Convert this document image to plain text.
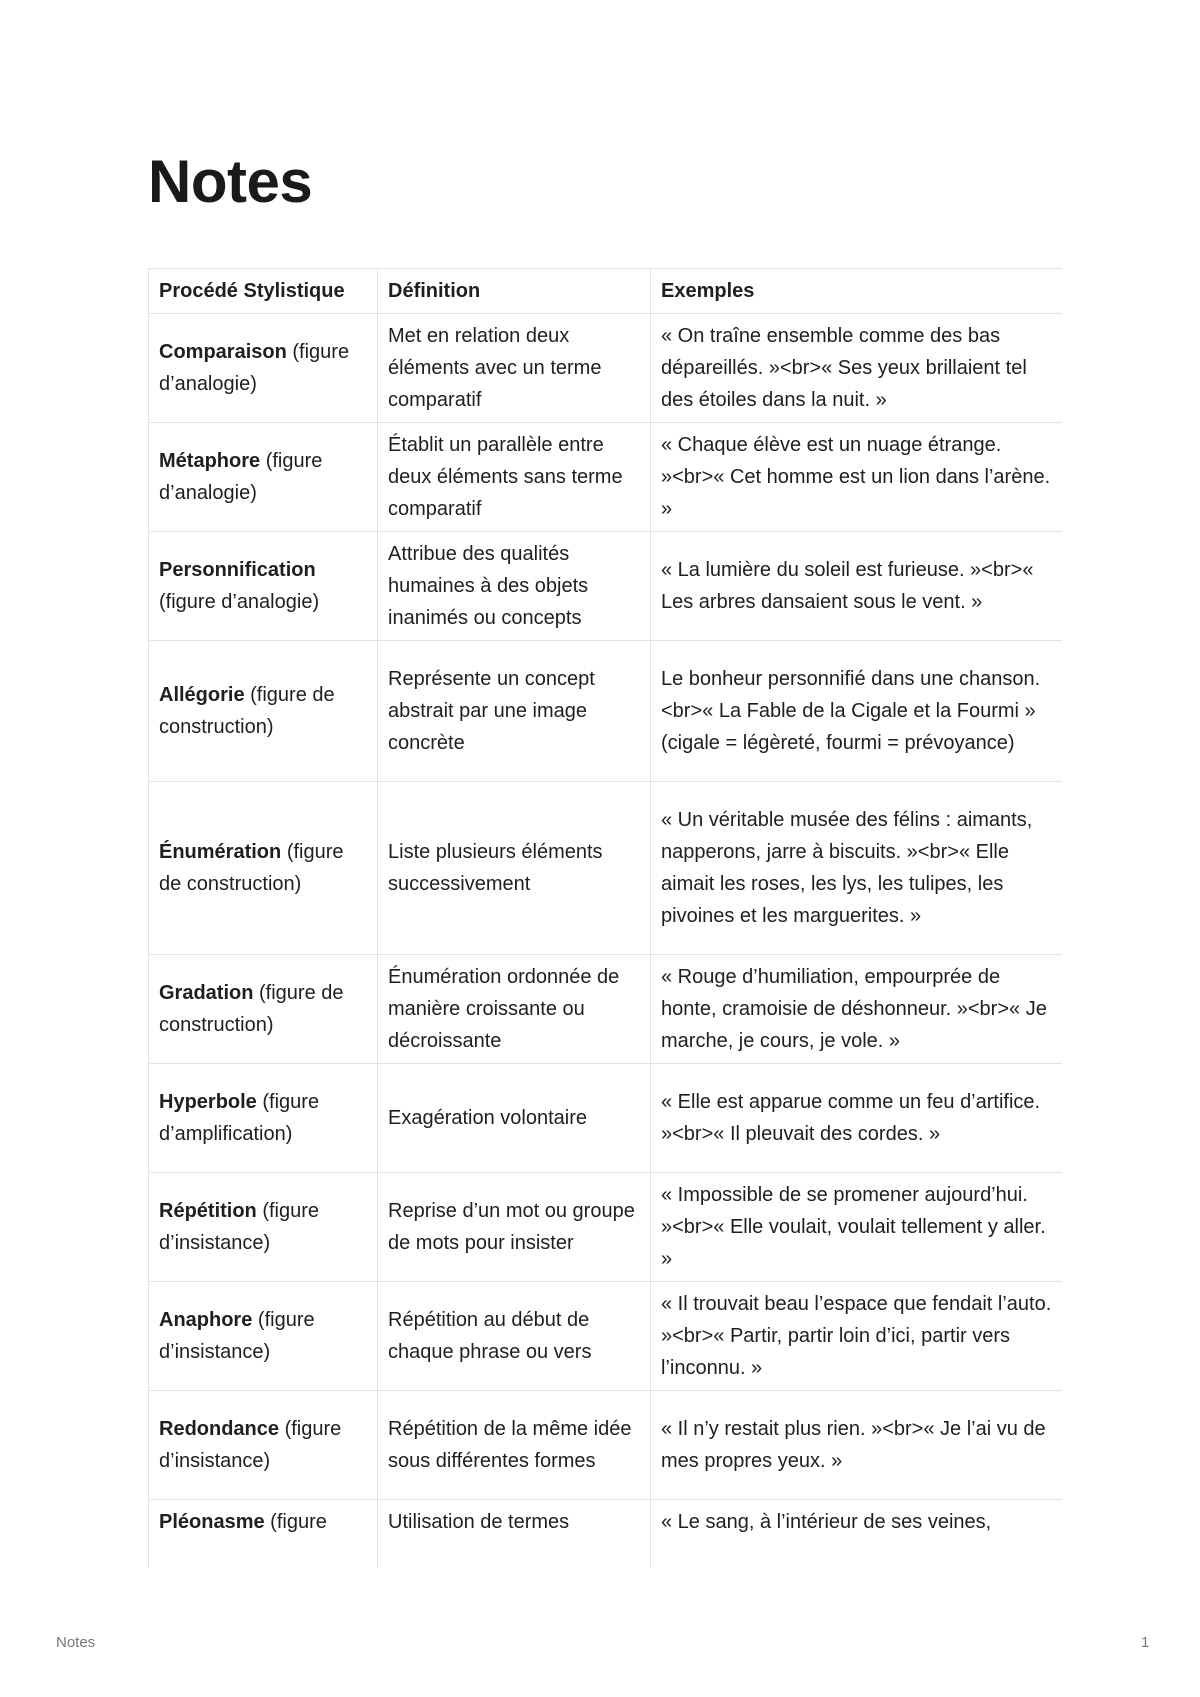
Notes
Procédé Stylistique	Définition	Exemples
Comparaison (figure d’analogie)	Met en relation deux éléments avec un terme comparatif	« On traîne ensemble comme des bas dépareillés. »<br>« Ses yeux brillaient tel des étoiles dans la nuit. »
Métaphore (figure d’analogie)	Établit un parallèle entre deux éléments sans terme comparatif	« Chaque élève est un nuage étrange. »<br>« Cet homme est un lion dans l’arène. »
Personnification (figure d’analogie)	Attribue des qualités humaines à des objets inanimés ou concepts	« La lumière du soleil est furieuse. »<br>« Les arbres dansaient sous le vent. »
Allégorie (figure de construction)	Représente un concept abstrait par une image concrète	Le bonheur personnifié dans une chanson.<br>« La Fable de la Cigale et la Fourmi » (cigale = légèreté, fourmi = prévoyance)
Énumération (figure de construction)	Liste plusieurs éléments successivement	« Un véritable musée des félins : aimants, napperons, jarre à biscuits. »<br>« Elle aimait les roses, les lys, les tulipes, les pivoines et les marguerites. »
Gradation (figure de construction)	Énumération ordonnée de manière croissante ou décroissante	« Rouge d’humiliation, empourprée de honte, cramoisie de déshonneur. »<br>« Je marche, je cours, je vole. »
Hyperbole (figure d’amplification)	Exagération volontaire	« Elle est apparue comme un feu d’artifice. »<br>« Il pleuvait des cordes. »
Répétition (figure d’insistance)	Reprise d’un mot ou groupe de mots pour insister	« Impossible de se promener aujourd’hui. »<br>« Elle voulait, voulait tellement y aller. »
Anaphore (figure d’insistance)	Répétition au début de chaque phrase ou vers	« Il trouvait beau l’espace que fendait l’auto. »<br>« Partir, partir loin d’ici, partir vers l’inconnu. »
Redondance (figure d’insistance)	Répétition de la même idée sous différentes formes	« Il n’y restait plus rien. »<br>« Je l’ai vu de mes propres yeux. »
Pléonasme (figure	Utilisation de termes	« Le sang, à l’intérieur de ses veines,
Notes	1
